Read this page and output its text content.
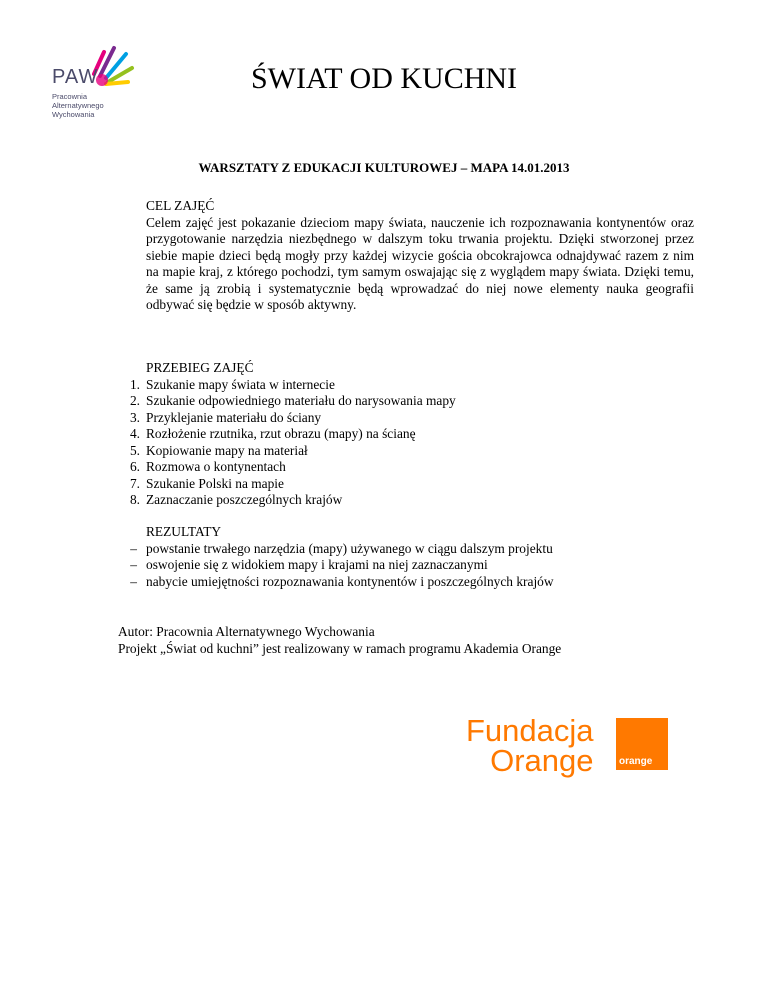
PAW
Pracownia
Alternatywnego
Wychowania
ŚWIAT OD KUCHNI
WARSZTATY Z EDUKACJI KULTUROWEJ – MAPA 14.01.2013
CEL ZAJĘĆ
Celem zajęć jest pokazanie dzieciom mapy świata, nauczenie ich rozpoznawania kontynentów oraz przygotowanie narzędzia niezbędnego w dalszym toku trwania projektu. Dzięki stworzonej przez siebie mapie dzieci będą mogły przy każdej wizycie gościa obcokrajowca odnajdywać razem z nim na mapie kraj, z którego pochodzi, tym samym oswajając się z wyglądem mapy świata. Dzięki temu, że same ją zrobią i systematycznie będą wprowadzać do niej nowe elementy nauka geografii odbywać się będzie w sposób aktywny.
PRZEBIEG ZAJĘĆ
1. Szukanie mapy świata w internecie
2. Szukanie odpowiedniego materiału do narysowania mapy
3. Przyklejanie materiału do ściany
4. Rozłożenie rzutnika, rzut obrazu (mapy) na ścianę
5. Kopiowanie mapy na materiał
6. Rozmowa o kontynentach
7. Szukanie Polski na mapie
8. Zaznaczanie poszczególnych krajów
REZULTATY
– powstanie trwałego narzędzia (mapy) używanego w ciągu dalszym projektu
– oswojenie się z widokiem mapy i krajami na niej zaznaczanymi
– nabycie umiejętności rozpoznawania kontynentów i poszczególnych krajów
Autor: Pracownia Alternatywnego Wychowania
Projekt „Świat od kuchni” jest realizowany w ramach programu Akademia Orange
Fundacja
Orange	orange
